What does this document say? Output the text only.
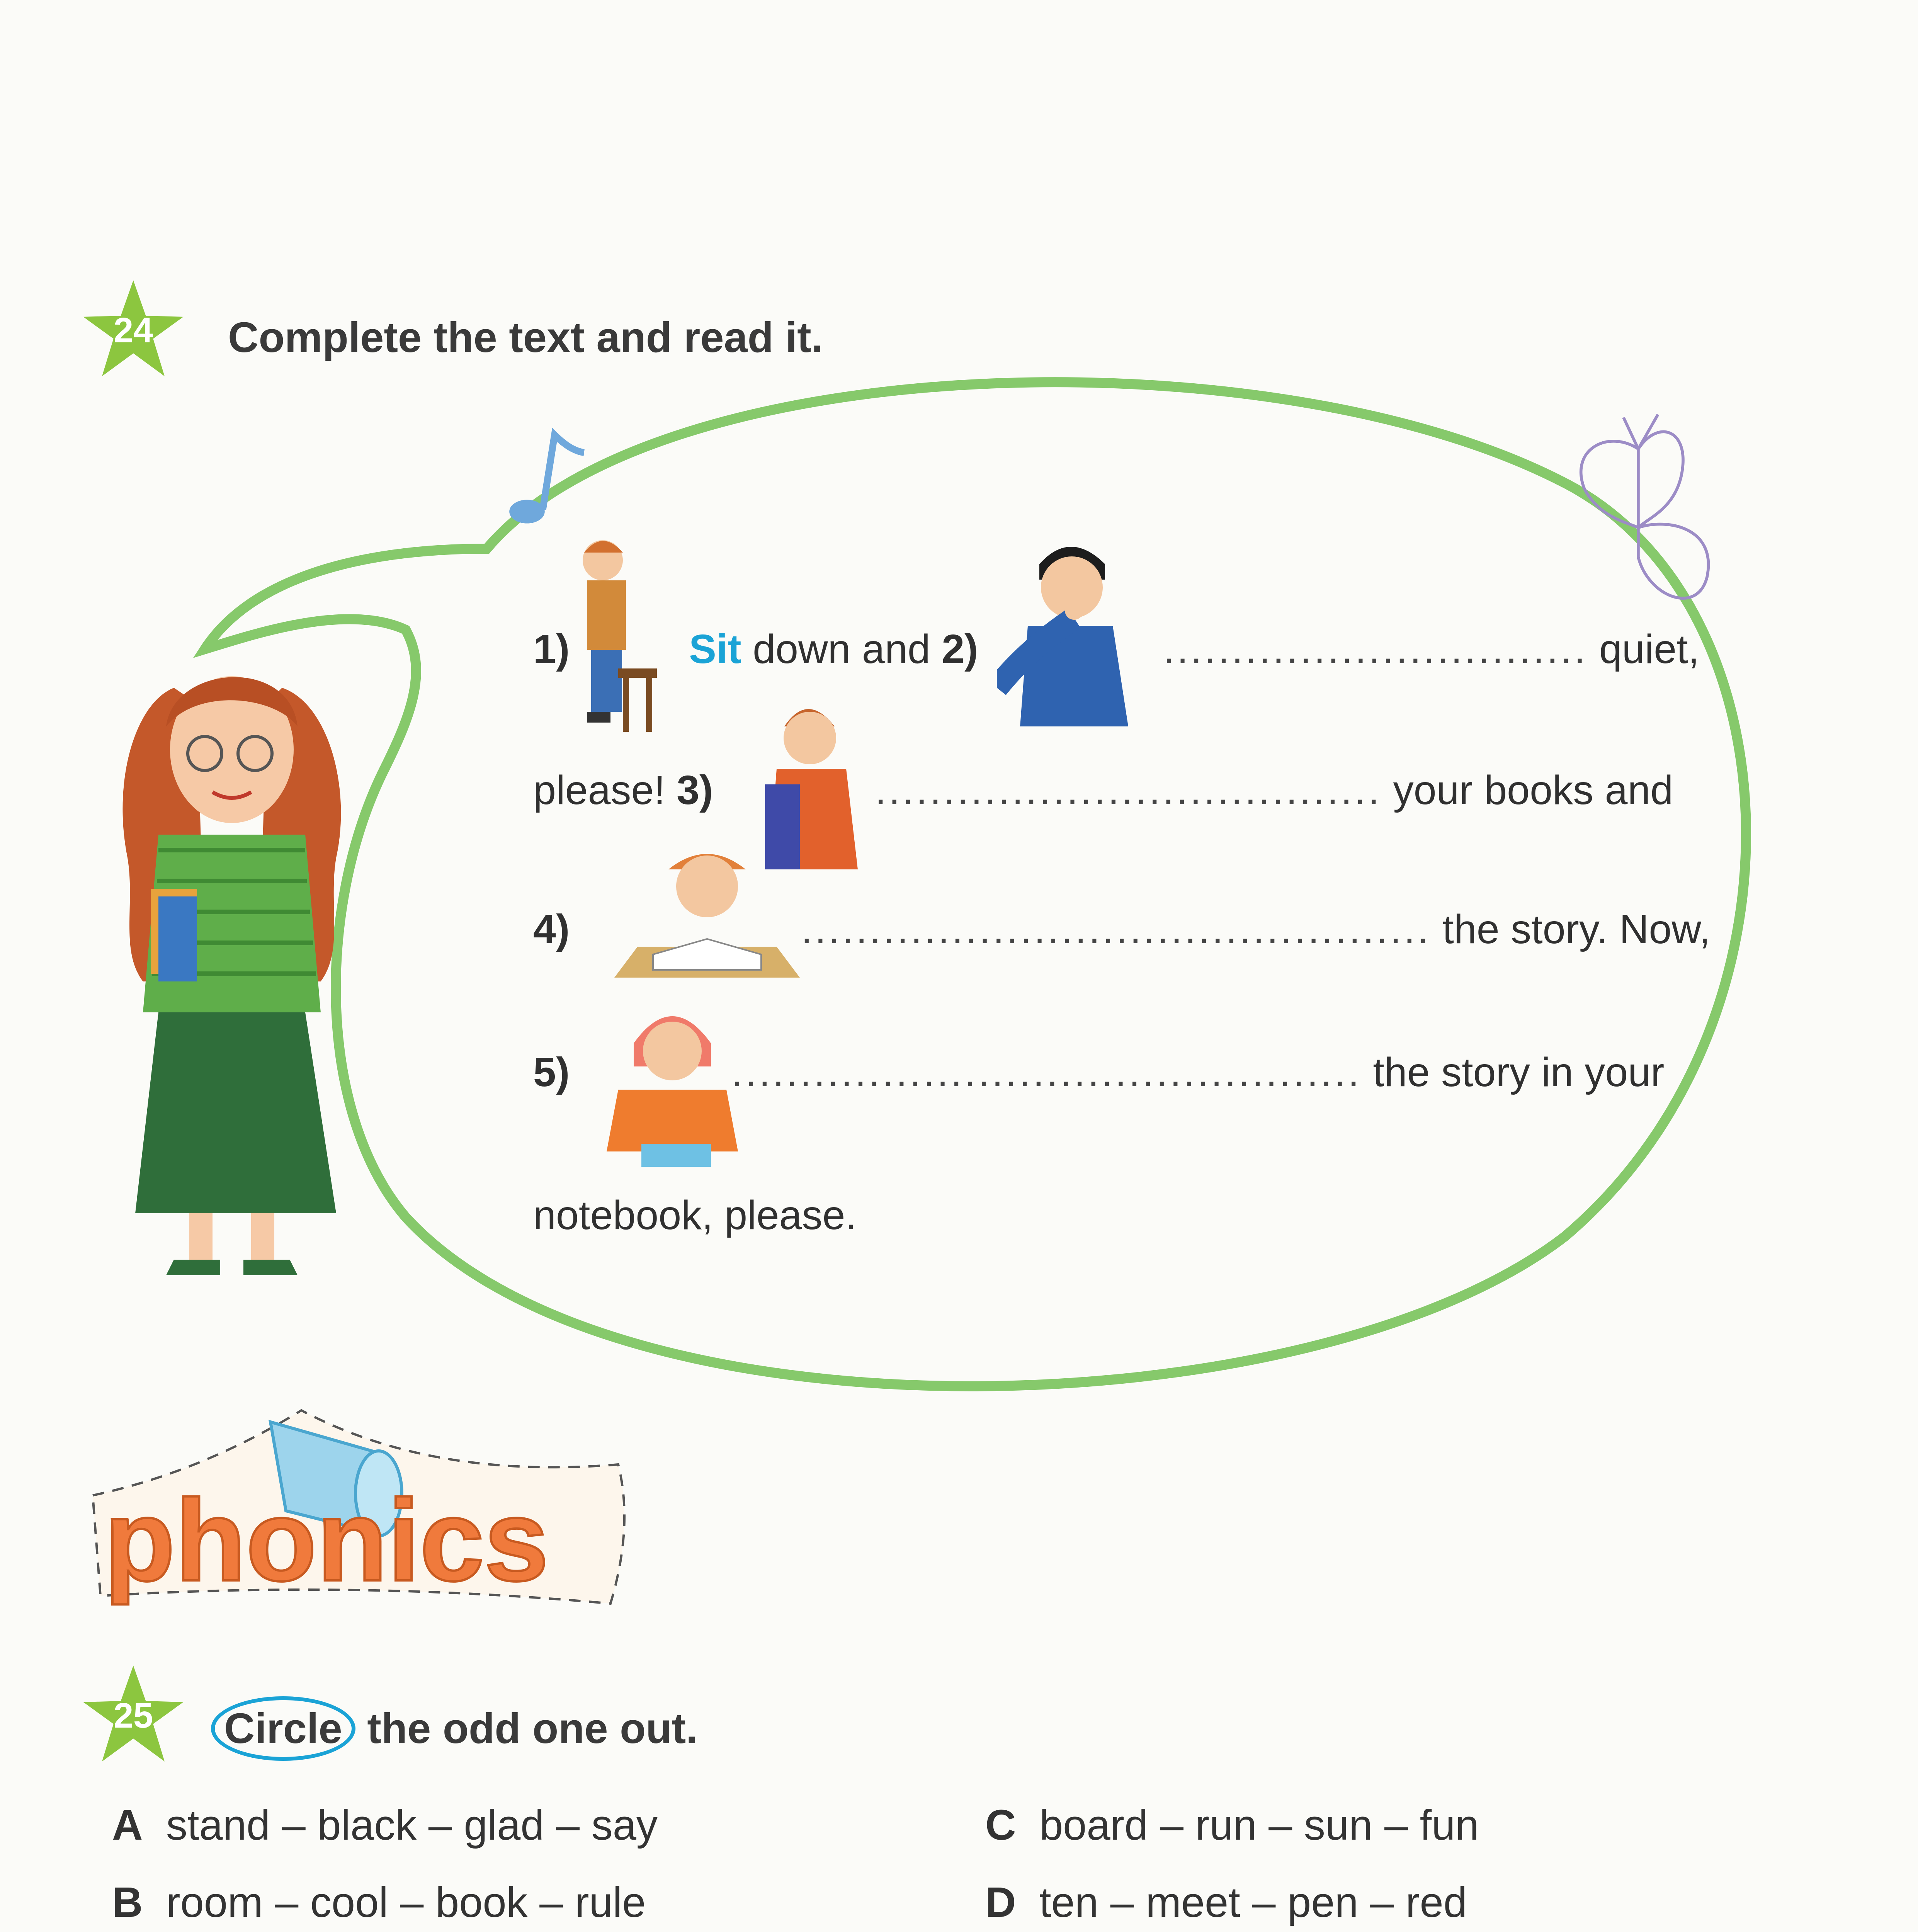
24	Complete the text and read it.
1)	Sit down and 2)	............................... quiet,
please! 3)	..................................... your books and
4)	.............................................. the story. Now,
5)	.............................................. the story in your
notebook, please.
phonics
25	Circle the odd one out.
A stand – black – glad – say
B room – cool – book – rule
C board – run – sun – fun
D ten – meet – pen – red
